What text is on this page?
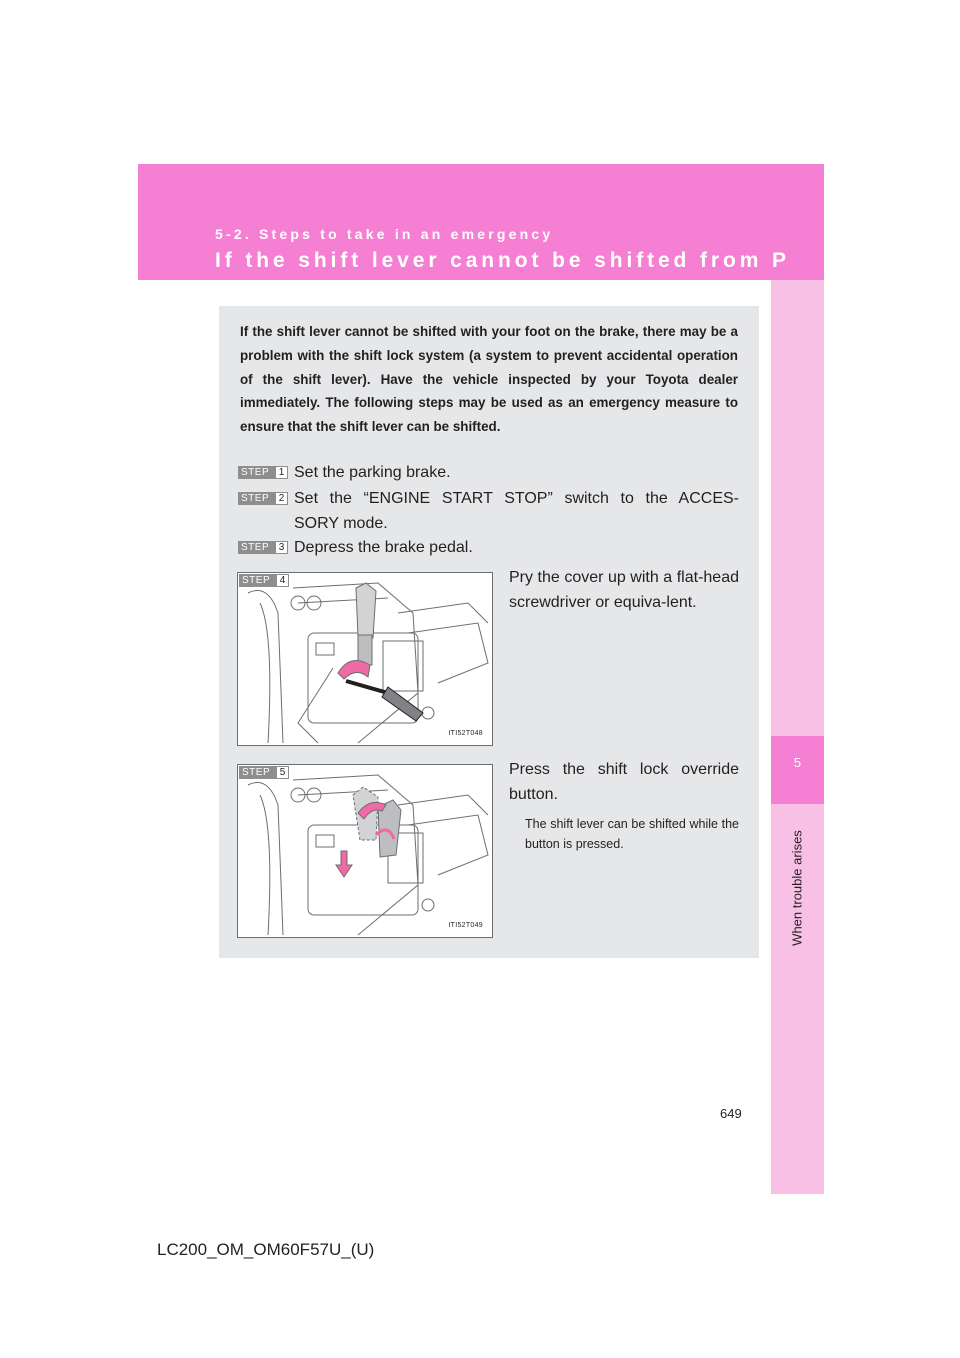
5-2. Steps to take in an emergency
If the shift lever cannot be shifted from P
5
When trouble arises

If the shift lever cannot be shifted with your foot on the brake, there may be a problem with the shift lock system (a system to prevent accidental operation of the shift lever). Have the vehicle inspected by your Toyota dealer immediately. The following steps may be used as an emergency measure to ensure that the shift lever can be shifted.

STEP 1 Set the parking brake.
STEP 2 Set the “ENGINE START STOP” switch to the ACCES-
SORY mode.
STEP 3 Depress the brake pedal.
STEP 4
ITI52T048

Pry the cover up with a flat-head screwdriver or equiva-lent.

STEP 5
ITI52T049

Press the shift lock override button.

The shift lever can be shifted while the button is pressed.

649
LC200_OM_OM60F57U_(U)
